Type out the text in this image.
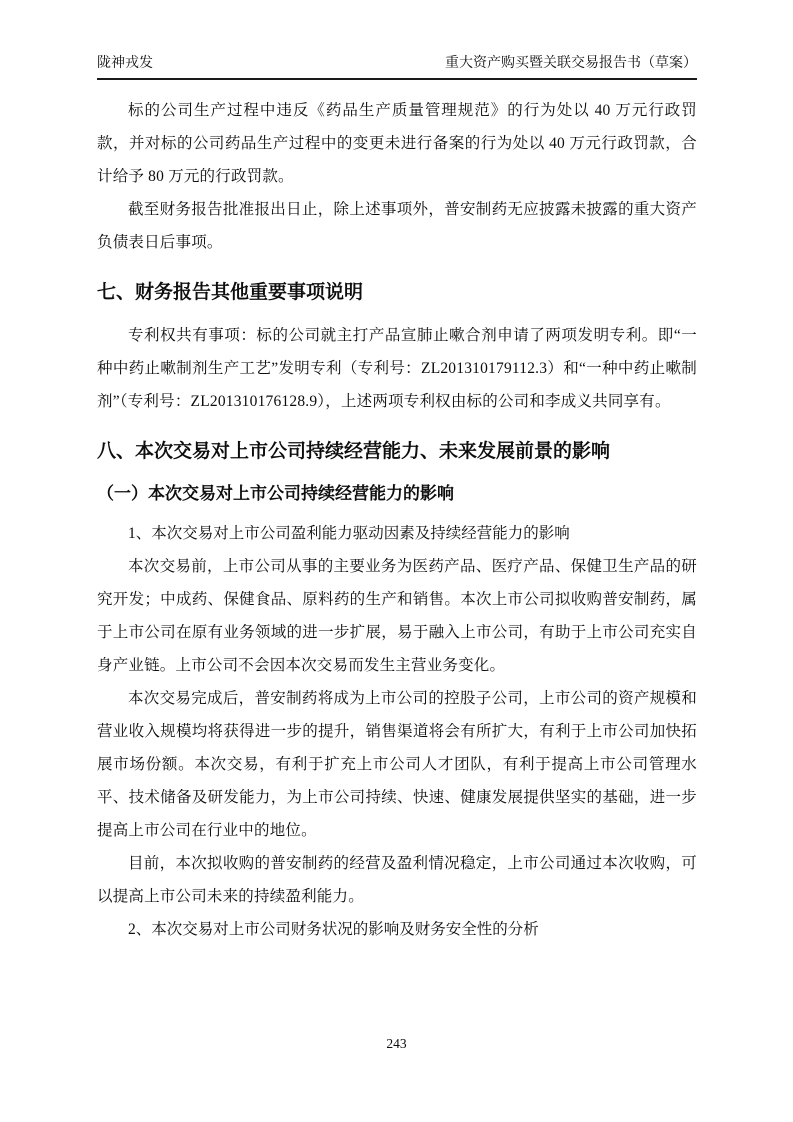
陇神戎发	重大资产购买暨关联交易报告书（草案）

标的公司生产过程中违反《药品生产质量管理规范》的行为处以 40 万元行政罚款，并对标的公司药品生产过程中的变更未进行备案的行为处以 40 万元行政罚款，合计给予 80 万元的行政罚款。

截至财务报告批准报出日止，除上述事项外，普安制药无应披露未披露的重大资产负债表日后事项。

七、财务报告其他重要事项说明

专利权共有事项：标的公司就主打产品宣肺止嗽合剂申请了两项发明专利。即“一种中药止嗽制剂生产工艺”发明专利（专利号：ZL201310179112.3）和“一种中药止嗽制剂”（专利号：ZL201310176128.9），上述两项专利权由标的公司和李成义共同享有。

八、本次交易对上市公司持续经营能力、未来发展前景的影响
（一）本次交易对上市公司持续经营能力的影响

1、本次交易对上市公司盈利能力驱动因素及持续经营能力的影响

本次交易前，上市公司从事的主要业务为医药产品、医疗产品、保健卫生产品的研究开发；中成药、保健食品、原料药的生产和销售。本次上市公司拟收购普安制药，属于上市公司在原有业务领域的进一步扩展，易于融入上市公司，有助于上市公司充实自身产业链。上市公司不会因本次交易而发生主营业务变化。

本次交易完成后，普安制药将成为上市公司的控股子公司，上市公司的资产规模和营业收入规模均将获得进一步的提升，销售渠道将会有所扩大，有利于上市公司加快拓展市场份额。本次交易，有利于扩充上市公司人才团队，有利于提高上市公司管理水平、技术储备及研发能力，为上市公司持续、快速、健康发展提供坚实的基础，进一步提高上市公司在行业中的地位。

目前，本次拟收购的普安制药的经营及盈利情况稳定，上市公司通过本次收购，可以提高上市公司未来的持续盈利能力。

2、本次交易对上市公司财务状况的影响及财务安全性的分析

243
